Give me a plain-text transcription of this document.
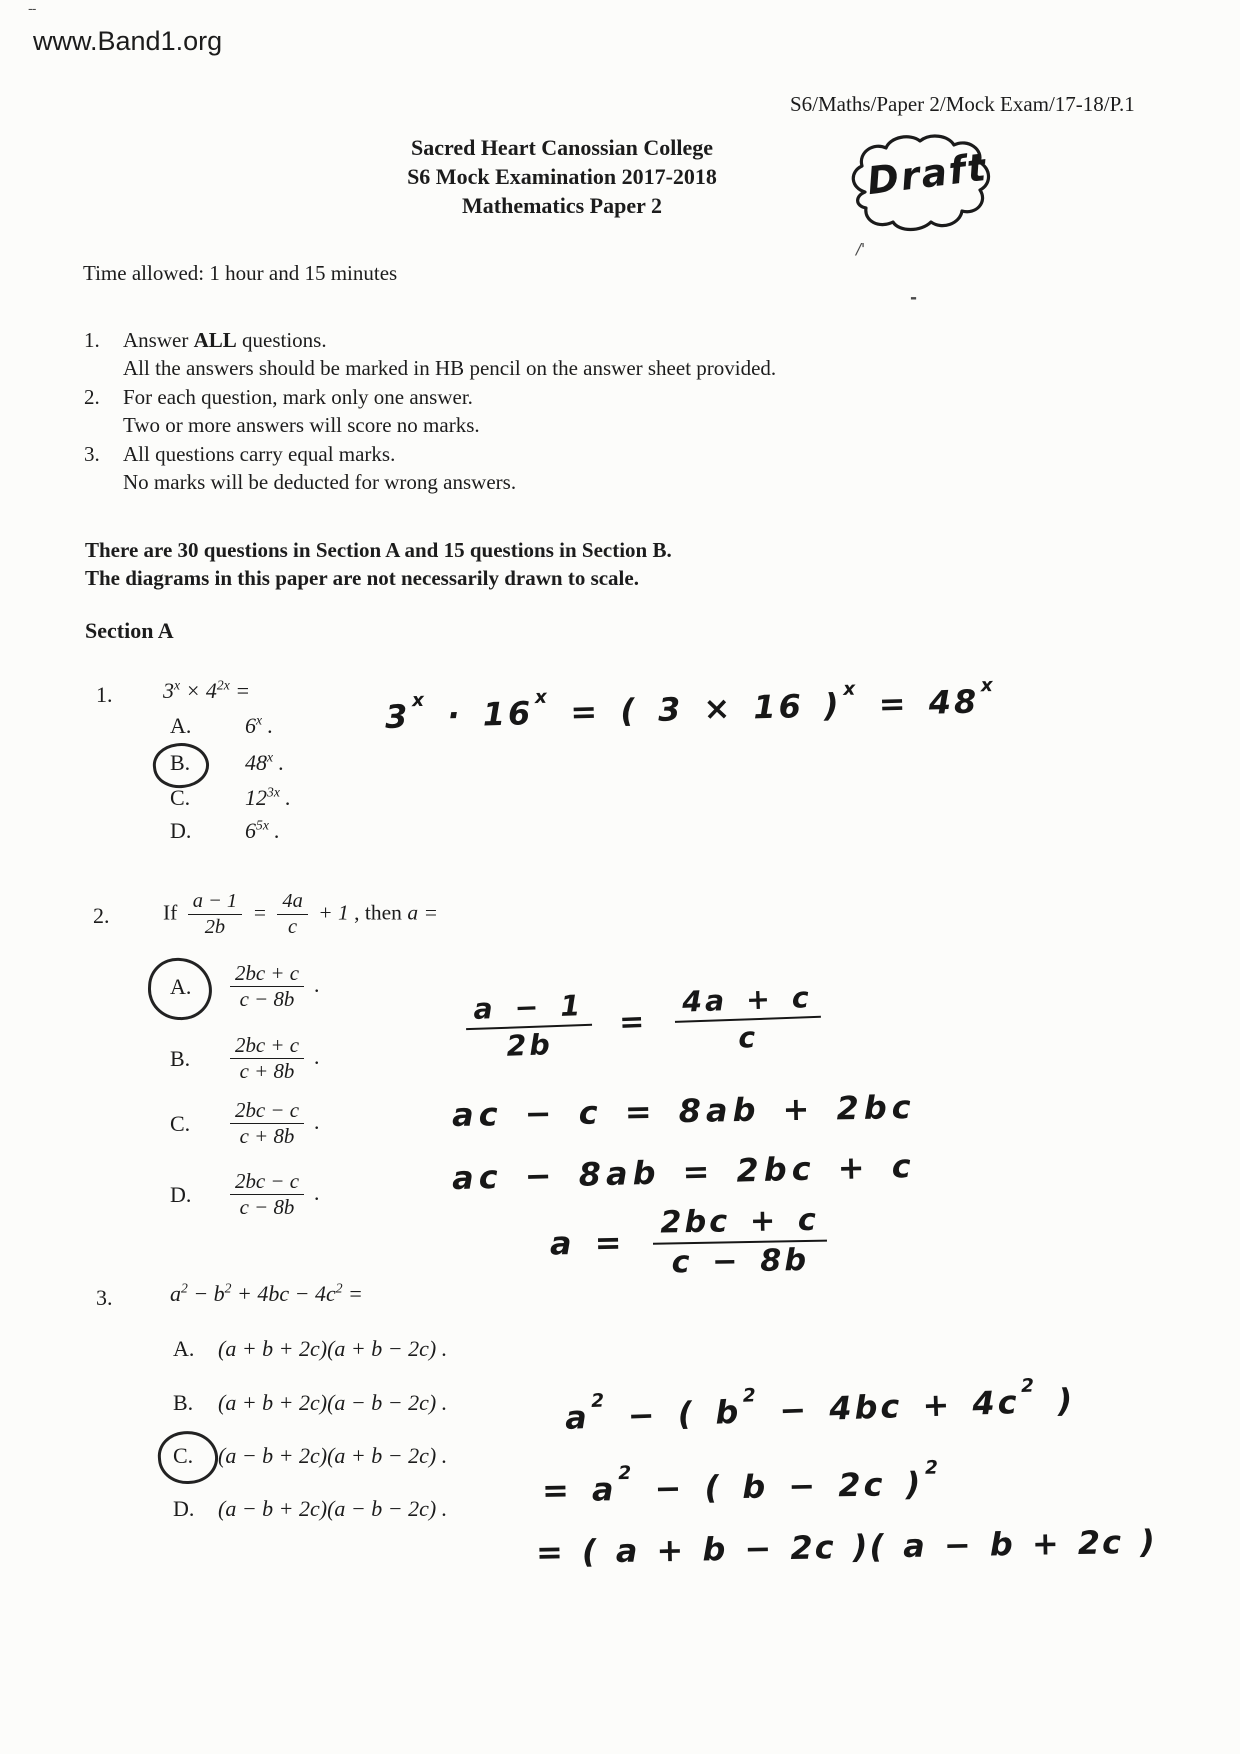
www.Band1.org
--
S6/Maths/Paper 2/Mock Exam/17-18/P.1
Sacred Heart Canossian College
S6 Mock Examination 2017-2018
Mathematics Paper 2
Draft
/'
-
Time allowed: 1 hour and 15 minutes
1. Answer ALL questions.
All the answers should be marked in HB pencil on the answer sheet provided.
2. For each question, mark only one answer.
Two or more answers will score no marks.
3. All questions carry equal marks.
No marks will be deducted for wrong answers.
There are 30 questions in Section A and 15 questions in Section B.
The diagrams in this paper are not necessarily drawn to scale.
Section A
1. $3^x \times 4^{2x}$ =
A.	6$^x$ .
B.	48$^x$ .
C.	$12^{3x}$ .
D.	$6^{5x}$ .
$3^x \cdot 16^x$ = ( 3 × 16 )$^x = 48^x$
2. If $\frac{a - 1}{2b} = \frac{4a}{c} + 1$ , then a =
A.	$\frac{2bc + c}{c - 8b}$ .
B.	$\frac{2bc + c}{c + 8b}$ .
C.	$\frac{2bc - c}{c + 8b}$ .
D.	$\frac{2bc - c}{c - 8b}$ .
$\frac{a - 1}{2b} = \frac{4a + c}{c}$
ac − c = 8ab + 2bc
ac − 8ab = 2bc + c
$a = \frac{2bc + c}{c - 8b}$
3.	$a^2 - b^2 + 4bc - 4c^2$ =
A.	(a + b + 2c)(a + b − 2c) .
B.	(a + b + 2c)(a − b − 2c) .
C.	(a − b + 2c)(a + b − 2c) .
D.	(a − b + 2c)(a − b − 2c) .
$a^2$ − ( $b^2 - 4bc + 4c^2$ )
= $a^2$ − ( b − 2c )$^2$
= ( a + b − 2c )( a − b + 2c )
